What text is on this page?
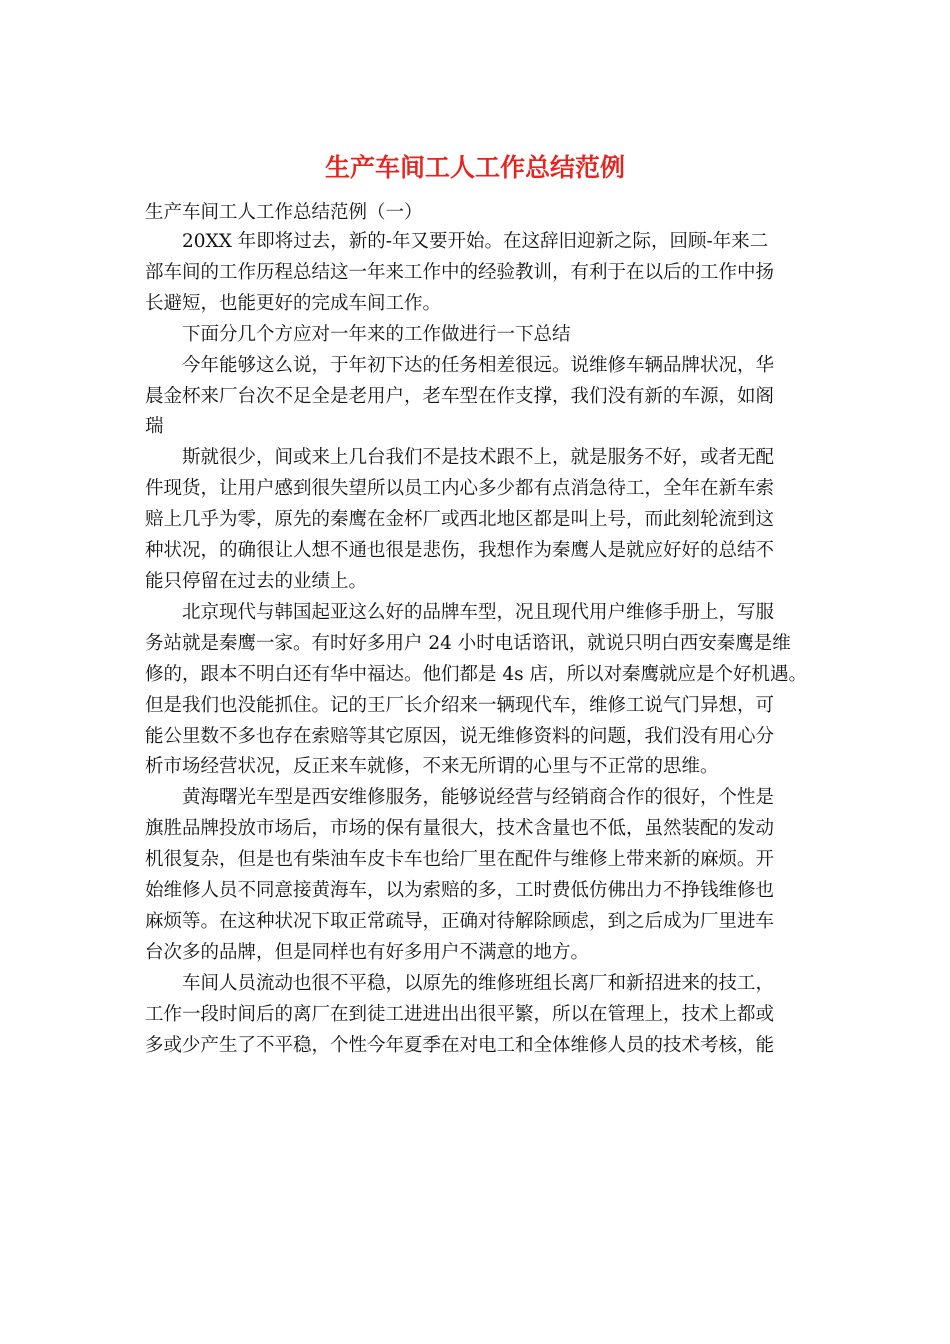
生产车间工人工作总结范例

生产车间工人工作总结范例（一）

20XX 年即将过去，新的-年又要开始。在这辞旧迎新之际，回顾-年来二
部车间的工作历程总结这一年来工作中的经验教训，有利于在以后的工作中扬
长避短，也能更好的完成车间工作。

下面分几个方应对一年来的工作做进行一下总结

今年能够这么说，于年初下达的任务相差很远。说维修车辆品牌状况，华
晨金杯来厂台次不足全是老用户，老车型在作支撑，我们没有新的车源，如阁
瑞

斯就很少，间或来上几台我们不是技术跟不上，就是服务不好，或者无配
件现货，让用户感到很失望所以员工内心多少都有点消急待工，全年在新车索
赔上几乎为零，原先的秦鹰在金杯厂或西北地区都是叫上号，而此刻轮流到这
种状况，的确很让人想不通也很是悲伤，我想作为秦鹰人是就应好好的总结不
能只停留在过去的业绩上。

北京现代与韩国起亚这么好的品牌车型，况且现代用户维修手册上，写服
务站就是秦鹰一家。有时好多用户 24 小时电话谘讯，就说只明白西安秦鹰是维
修的，跟本不明白还有华中福达。他们都是 4s 店，所以对秦鹰就应是个好机遇。
但是我们也没能抓住。记的王厂长介绍来一辆现代车，维修工说气门异想，可
能公里数不多也存在索赔等其它原因，说无维修资料的问题，我们没有用心分
析市场经营状况，反正来车就修，不来无所谓的心里与不正常的思维。

黄海曙光车型是西安维修服务，能够说经营与经销商合作的很好，个性是
旗胜品牌投放市场后，市场的保有量很大，技术含量也不低，虽然装配的发动
机很复杂，但是也有柴油车皮卡车也给厂里在配件与维修上带来新的麻烦。开
始维修人员不同意接黄海车，以为索赔的多，工时费低仿佛出力不挣钱维修也
麻烦等。在这种状况下取正常疏导，正确对待解除顾虑，到之后成为厂里进车
台次多的品牌，但是同样也有好多用户不满意的地方。

车间人员流动也很不平稳，以原先的维修班组长离厂和新招进来的技工，
工作一段时间后的离厂在到徒工进进出出很平繁，所以在管理上，技术上都或
多或少产生了不平稳，个性今年夏季在对电工和全体维修人员的技术考核，能
